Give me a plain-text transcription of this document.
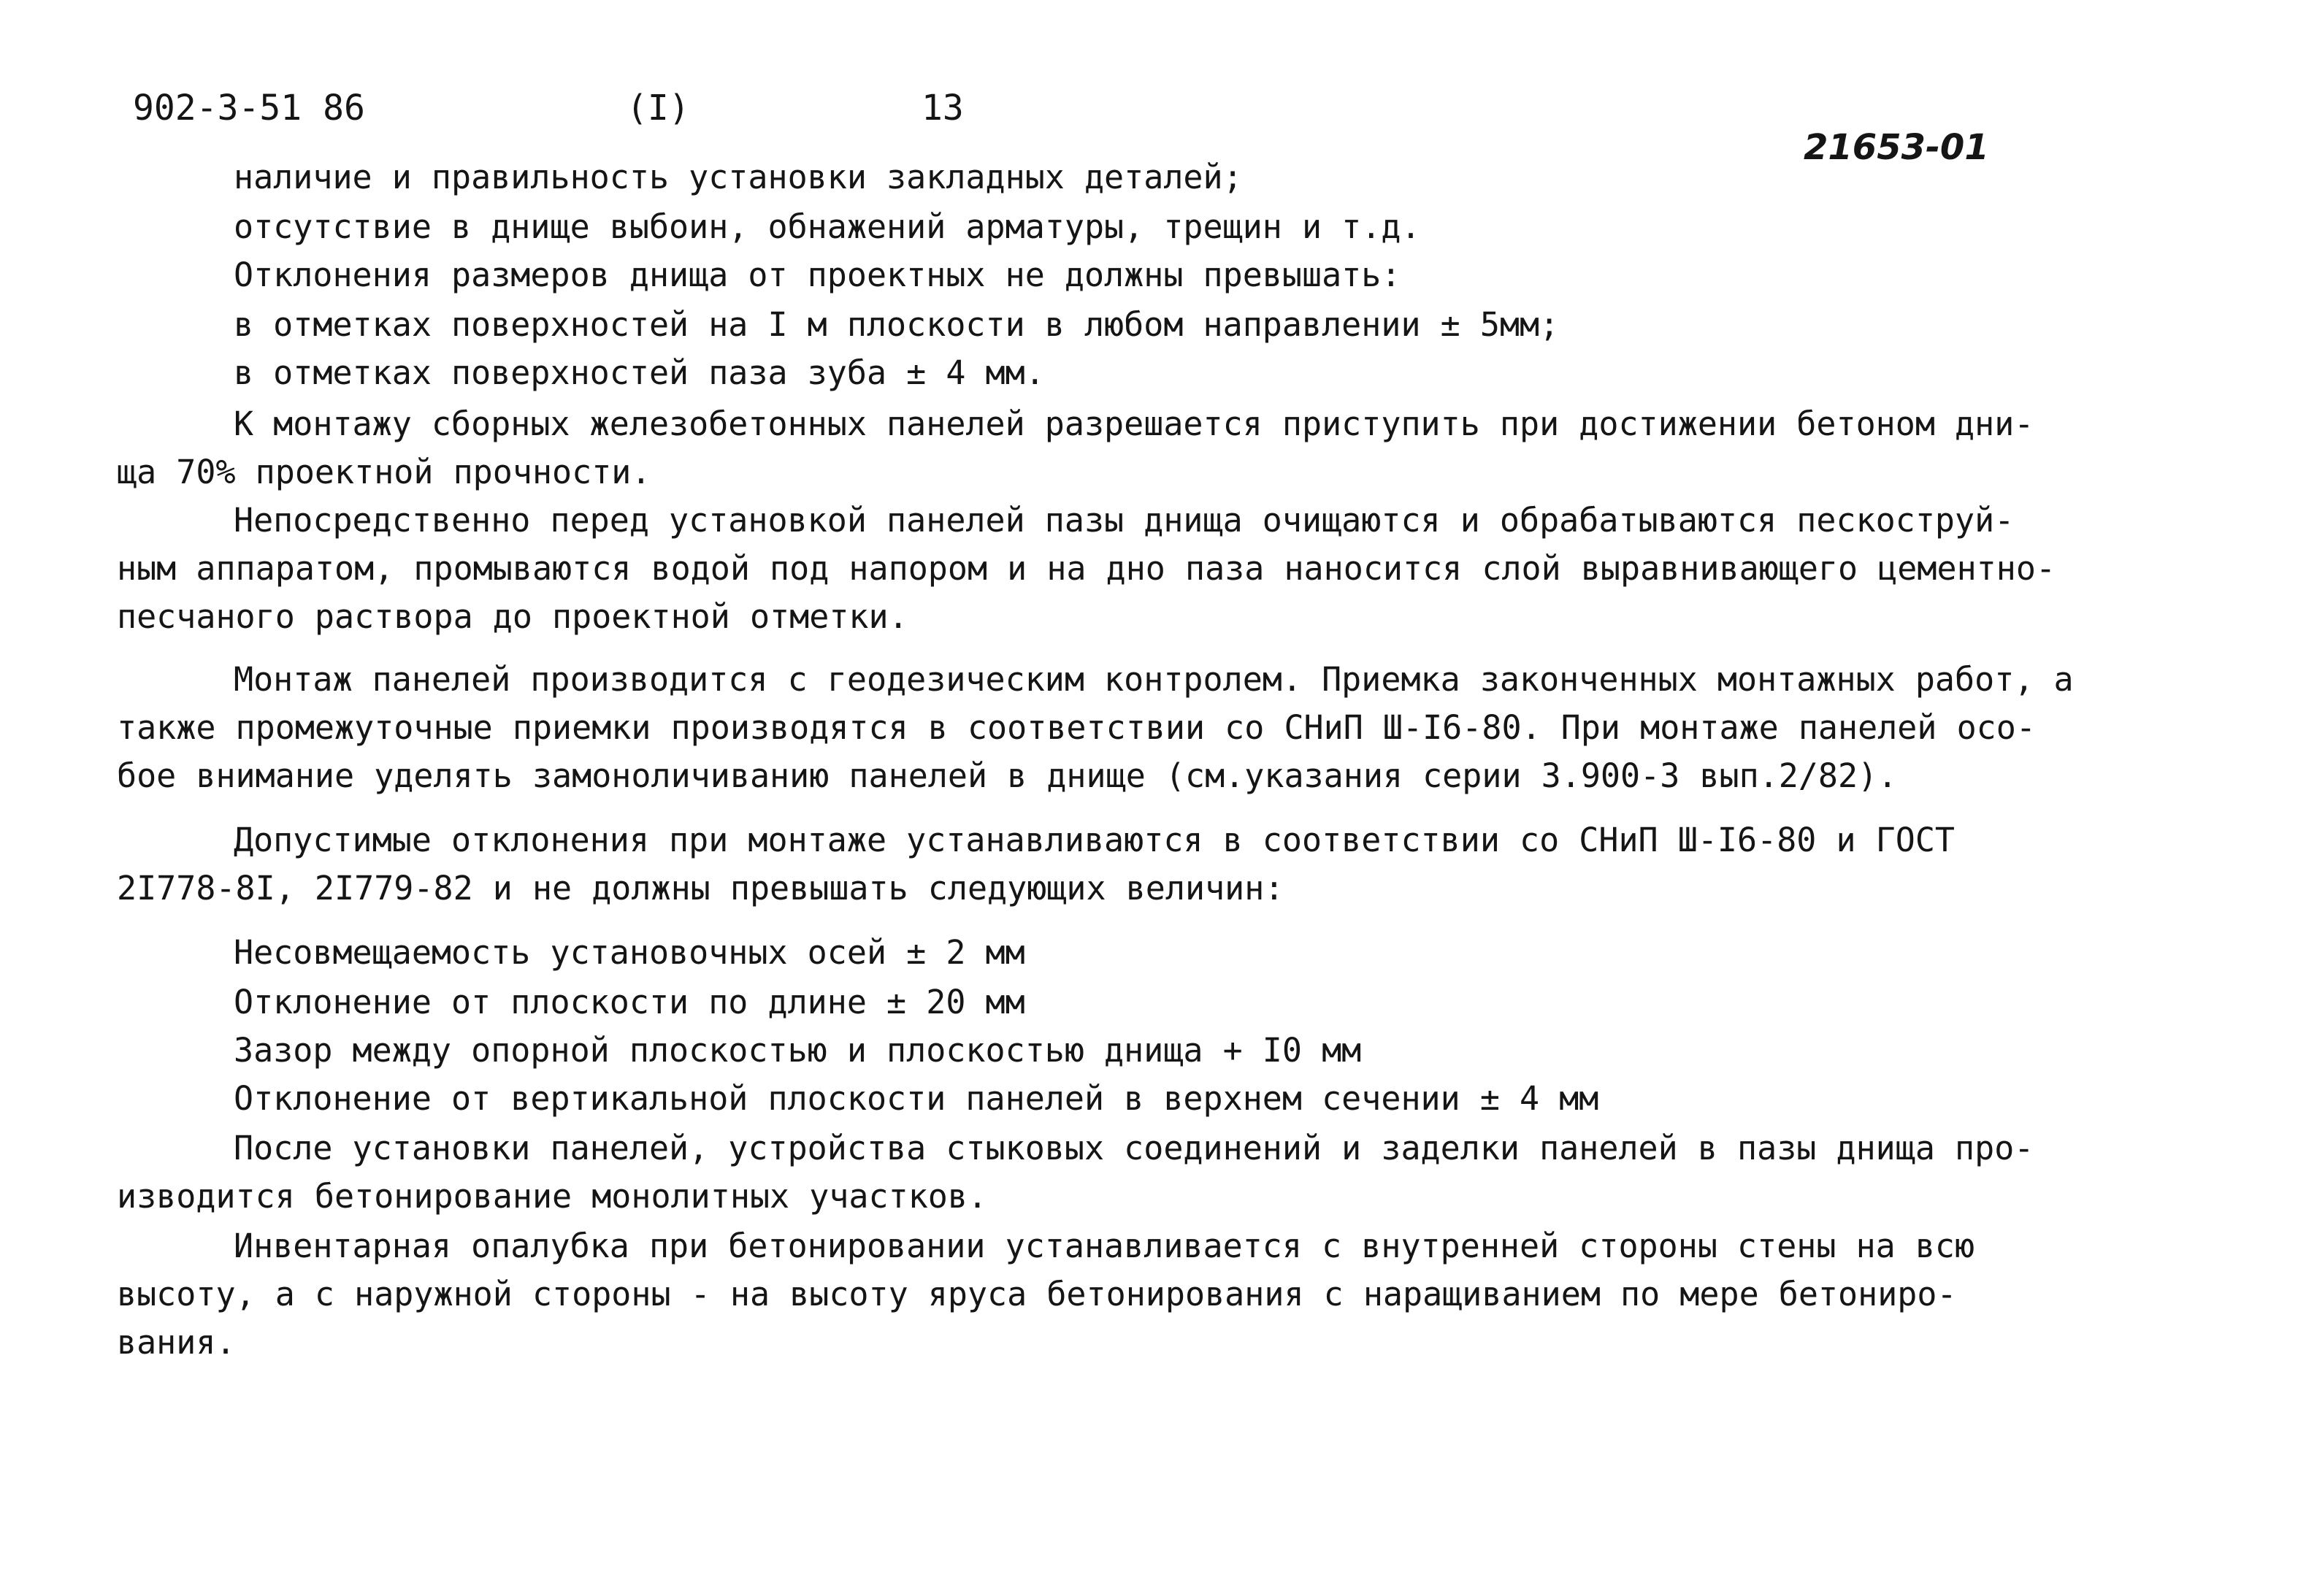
902-3-51 86	(I)	13
21653-01
наличие и правильность установки закладных деталей;
отсутствие в днище выбоин, обнажений арматуры, трещин и т.д.
Отклонения размеров днища от проектных не должны превышать:
в отметках поверхностей на I м плоскости в любом направлении ± 5мм;
в отметках поверхностей паза зуба ± 4 мм.
К монтажу сборных железобетонных панелей разрешается приступить при достижении бетоном дни-
ща 70% проектной прочности.
Непосредственно перед установкой панелей пазы днища очищаются и обрабатываются пескоструй-
ным аппаратом, промываются водой под напором и на дно паза наносится слой выравнивающего цементно-
песчаного раствора до проектной отметки.
Монтаж панелей производится с геодезическим контролем. Приемка законченных монтажных работ, а
также промежуточные приемки производятся в соответствии со СНиП Ш-I6-80. При монтаже панелей осо-
бое внимание уделять замоноличиванию панелей в днище (см.указания серии 3.900-3 вып.2/82).
Допустимые отклонения при монтаже устанавливаются в соответствии со СНиП Ш-I6-80 и ГОСТ
2I778-8I, 2I779-82 и не должны превышать следующих величин:
Несовмещаемость установочных осей ± 2 мм
Отклонение от плоскости по длине ± 20 мм
Зазор между опорной плоскостью и плоскостью днища + I0 мм
Отклонение от вертикальной плоскости панелей в верхнем сечении ± 4 мм
После установки панелей, устройства стыковых соединений и заделки панелей в пазы днища про-
изводится бетонирование монолитных участков.
Инвентарная опалубка при бетонировании устанавливается с внутренней стороны стены на всю
высоту, а с наружной стороны - на высоту яруса бетонирования с наращиванием по мере бетониро-
вания.
